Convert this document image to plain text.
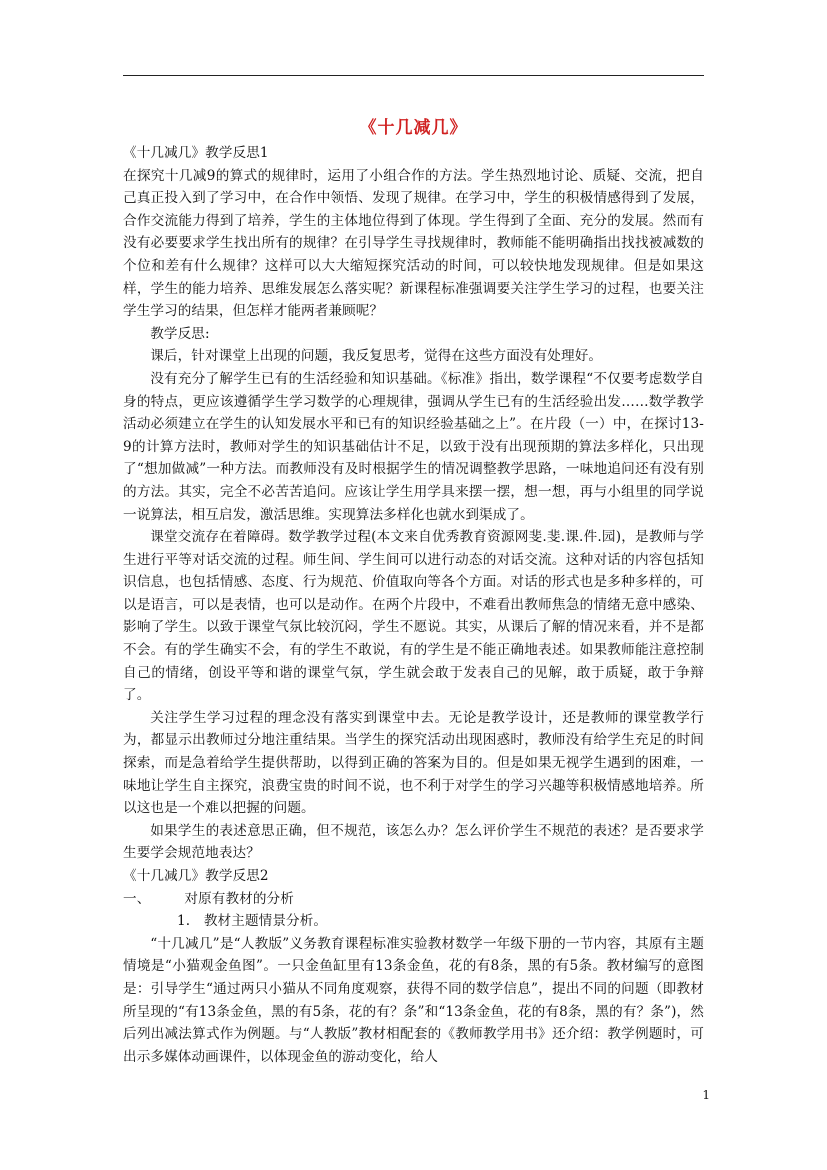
《十几减几》

《十几减几》教学反思1

在探究十几减9的算式的规律时，运用了小组合作的方法。学生热烈地讨论、质疑、交流，把自己真正投入到了学习中，在合作中领悟、发现了规律。在学习中，学生的积极情感得到了发展，合作交流能力得到了培养，学生的主体地位得到了体现。学生得到了全面、充分的发展。然而有没有必要要求学生找出所有的规律？在引导学生寻找规律时，教师能不能明确指出找找被减数的个位和差有什么规律？这样可以大大缩短探究活动的时间，可以较快地发现规律。但是如果这样，学生的能力培养、思维发展怎么落实呢？新课程标准强调要关注学生学习的过程，也要关注学生学习的结果，但怎样才能两者兼顾呢？

教学反思:

课后，针对课堂上出现的问题，我反复思考，觉得在这些方面没有处理好。

没有充分了解学生已有的生活经验和知识基础。《标准》指出，数学课程“不仅要考虑数学自身的特点，更应该遵循学生学习数学的心理规律，强调从学生已有的生活经验出发……数学教学活动必须建立在学生的认知发展水平和已有的知识经验基础之上”。在片段（一）中，在探讨13-9的计算方法时，教师对学生的知识基础估计不足，以致于没有出现预期的算法多样化，只出现了“想加做减”一种方法。而教师没有及时根据学生的情况调整教学思路，一味地追问还有没有别的方法。其实，完全不必苦苦追问。应该让学生用学具来摆一摆，想一想，再与小组里的同学说一说算法，相互启发，激活思维。实现算法多样化也就水到渠成了。

课堂交流存在着障碍。数学教学过程(本文来自优秀教育资源网斐.斐.课.件.园)，是教师与学生进行平等对话交流的过程。师生间、学生间可以进行动态的对话交流。这种对话的内容包括知识信息，也包括情感、态度、行为规范、价值取向等各个方面。对话的形式也是多种多样的，可以是语言，可以是表情，也可以是动作。在两个片段中，不难看出教师焦急的情绪无意中感染、影响了学生。以致于课堂气氛比较沉闷，学生不愿说。其实，从课后了解的情况来看，并不是都不会。有的学生确实不会，有的学生不敢说，有的学生是不能正确地表述。如果教师能注意控制自己的情绪，创设平等和谐的课堂气氛，学生就会敢于发表自己的见解，敢于质疑，敢于争辩了。

关注学生学习过程的理念没有落实到课堂中去。无论是教学设计，还是教师的课堂教学行为，都显示出教师过分地注重结果。当学生的探究活动出现困惑时，教师没有给学生充足的时间探索，而是急着给学生提供帮助，以得到正确的答案为目的。但是如果无视学生遇到的困难，一味地让学生自主探究，浪费宝贵的时间不说，也不利于对学生的学习兴趣等积极情感地培养。所以这也是一个难以把握的问题。

如果学生的表述意思正确，但不规范，该怎么办？怎么评价学生不规范的表述？是否要求学生要学会规范地表达？

《十几减几》教学反思2

一、	对原有教材的分析

1.　教材主题情景分析。

“十几减几”是“人教版”义务教育课程标准实验教材数学一年级下册的一节内容，其原有主题情境是“小猫观金鱼图”。一只金鱼缸里有13条金鱼，花的有8条，黑的有5条。教材编写的意图是：引导学生“通过两只小猫从不同角度观察，获得不同的数学信息”，提出不同的问题（即教材所呈现的“有13条金鱼，黑的有5条，花的有？条”和“13条金鱼，花的有8条，黑的有？条”)，然后列出减法算式作为例题。与“人教版”教材相配套的《教师教学用书》还介绍：教学例题时，可出示多媒体动画课件，以体现金鱼的游动变化，给人

1
